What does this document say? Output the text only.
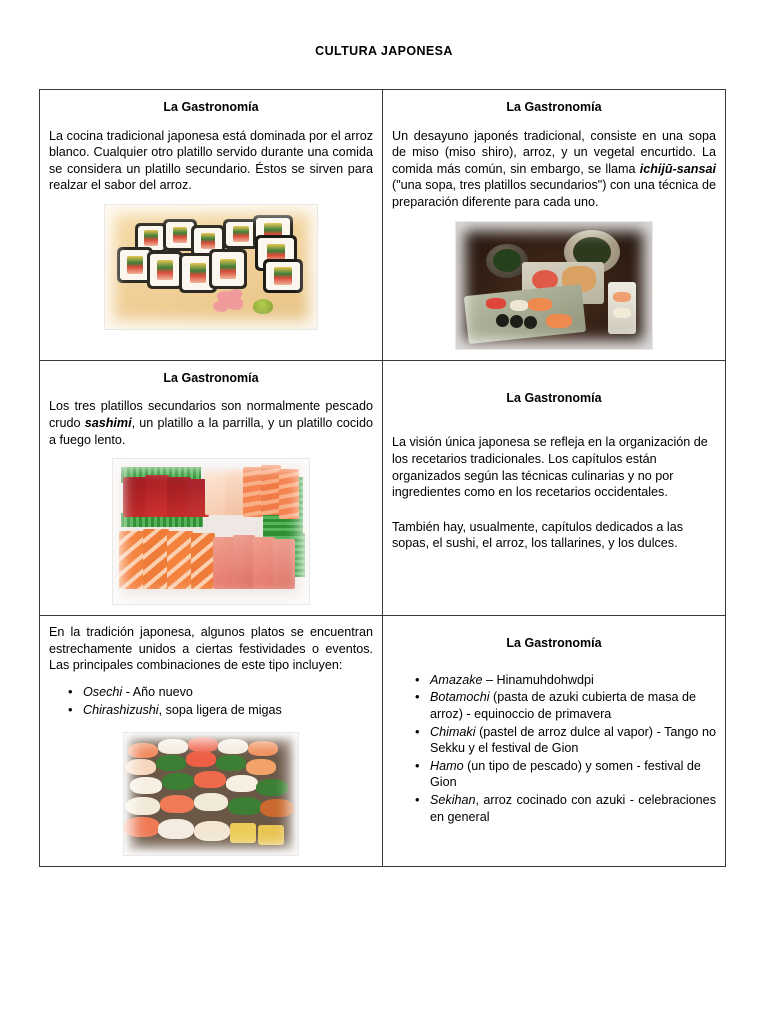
CULTURA JAPONESA
La Gastronomía

La cocina tradicional japonesa está dominada por el arroz blanco. Cualquier otro platillo servido durante una comida se considera un platillo secundario. Éstos se sirven para realzar el sabor del arroz.

La Gastronomía

Un desayuno japonés tradicional, consiste en una sopa de miso (miso shiro), arroz, y un vegetal encurtido. La comida más común, sin embargo, se llama ichijū-sansai ("una sopa, tres platillos secundarios") con una técnica de preparación diferente para cada uno.

La Gastronomía

Los tres platillos secundarios son normalmente pescado crudo sashimi, un platillo a la parrilla, y un platillo cocido a fuego lento.

La Gastronomía

La visión única japonesa se refleja en la organización de los recetarios tradicionales. Los capítulos están organizados según las técnicas culinarias y no por ingredientes como en los recetarios occidentales.

También hay, usualmente, capítulos dedicados a las sopas, el sushi, el arroz, los tallarines, y los dulces.

En la tradición japonesa, algunos platos se encuentran estrechamente unidos a ciertas festividades o eventos. Las principales combinaciones de este tipo incluyen:

• Osechi - Año nuevo
• Chirashizushi, sopa ligera de migas

La Gastronomía
• Amazake – Hinamuhdohwdpi
• Botamochi (pasta de azuki cubierta de masa de arroz) - equinoccio de primavera
• Chimaki (pastel de arroz dulce al vapor) - Tango no Sekku y el festival de Gion
• Hamo (un tipo de pescado) y somen - festival de Gion
• Sekihan, arroz cocinado con azuki - celebraciones en general
